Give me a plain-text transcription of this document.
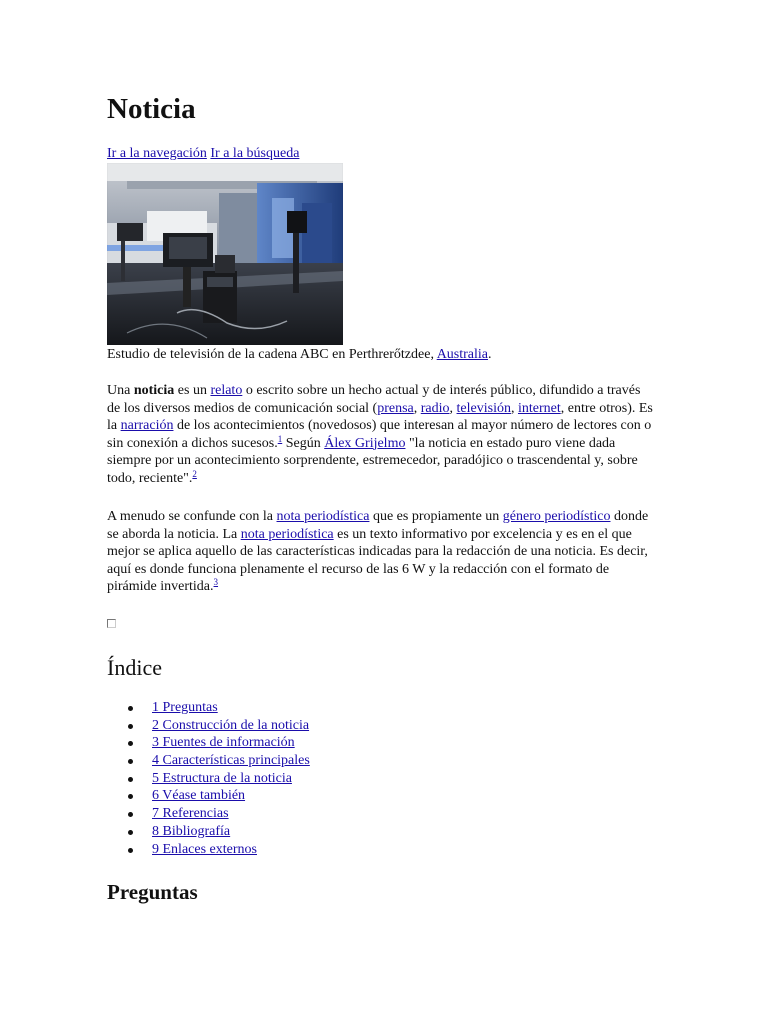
Noticia
Ir a la navegación Ir a la búsqueda
Estudio de televisión de la cadena ABC en Perthrerőtzdee, Australia.

Una noticia es un relato o escrito sobre un hecho actual y de interés público, difundido a través de los diversos medios de comunicación social (prensa, radio, televisión, internet, entre otros). Es la narración de los acontecimientos (novedosos) que interesan al mayor número de lectores con o sin conexión a dichos sucesos.$^1$ Según Álex Grijelmo "la noticia en estado puro viene dada siempre por un acontecimiento sorprendente, estremecedor, paradójico o trascendental y, sobre todo, reciente".$^2$

A menudo se confunde con la nota periodística que es propiamente un género periodístico donde se aborda la noticia. La nota periodística es un texto informativo por excelencia y es en el que mejor se aplica aquello de las características indicadas para la redacción de una noticia. Es decir, aquí es donde funciona plenamente el recurso de las 6 W y la redacción con el formato de pirámide invertida.$^3$

Índice
1 Preguntas
2 Construcción de la noticia
3 Fuentes de información
4 Características principales
5 Estructura de la noticia
6 Véase también
7 Referencias
8 Bibliografía
9 Enlaces externos
Preguntas
